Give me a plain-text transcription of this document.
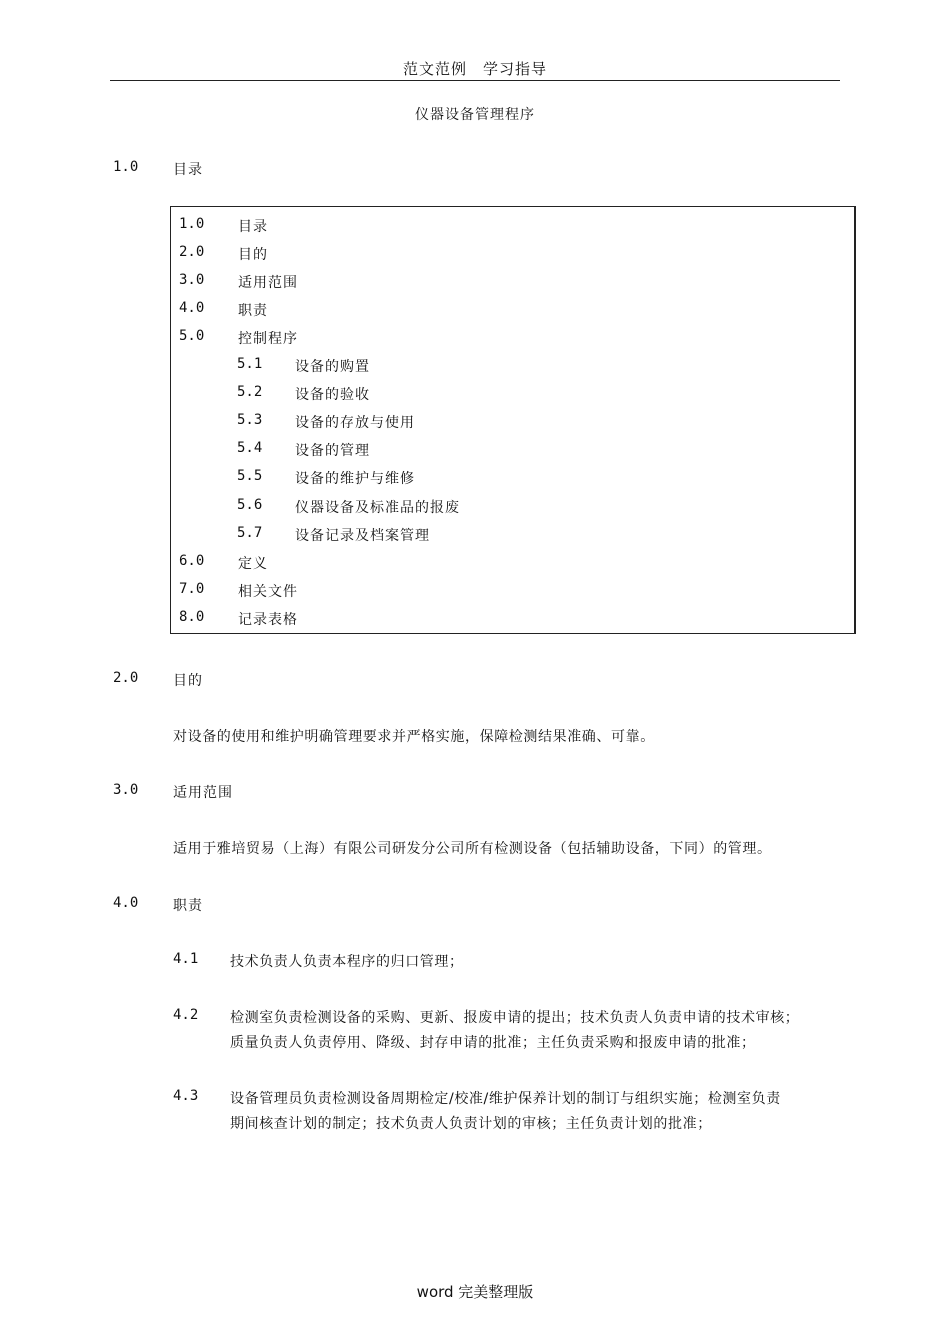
范文范例　学习指导
仪器设备管理程序
1.0 目录
1.0 目录
2.0 目的
3.0 适用范围
4.0 职责
5.0 控制程序
5.1 设备的购置
5.2 设备的验收
5.3 设备的存放与使用
5.4 设备的管理
5.5 设备的维护与维修
5.6 仪器设备及标准品的报废
5.7 设备记录及档案管理
6.0 定义
7.0 相关文件
8.0 记录表格
2.0 目的
对设备的使用和维护明确管理要求并严格实施，保障检测结果准确、可靠。
3.0 适用范围
适用于雅培贸易（上海）有限公司研发分公司所有检测设备（包括辅助设备，下同）的管理。
4.0 职责
4.1 技术负责人负责本程序的归口管理；
4.2 检测室负责检测设备的采购、更新、报废申请的提出；技术负责人负责申请的技术审核；
质量负责人负责停用、降级、封存申请的批准；主任负责采购和报废申请的批准；
4.3 设备管理员负责检测设备周期检定/校准/维护保养计划的制订与组织实施；检测室负责
期间核查计划的制定；技术负责人负责计划的审核；主任负责计划的批准；
word 完美整理版
